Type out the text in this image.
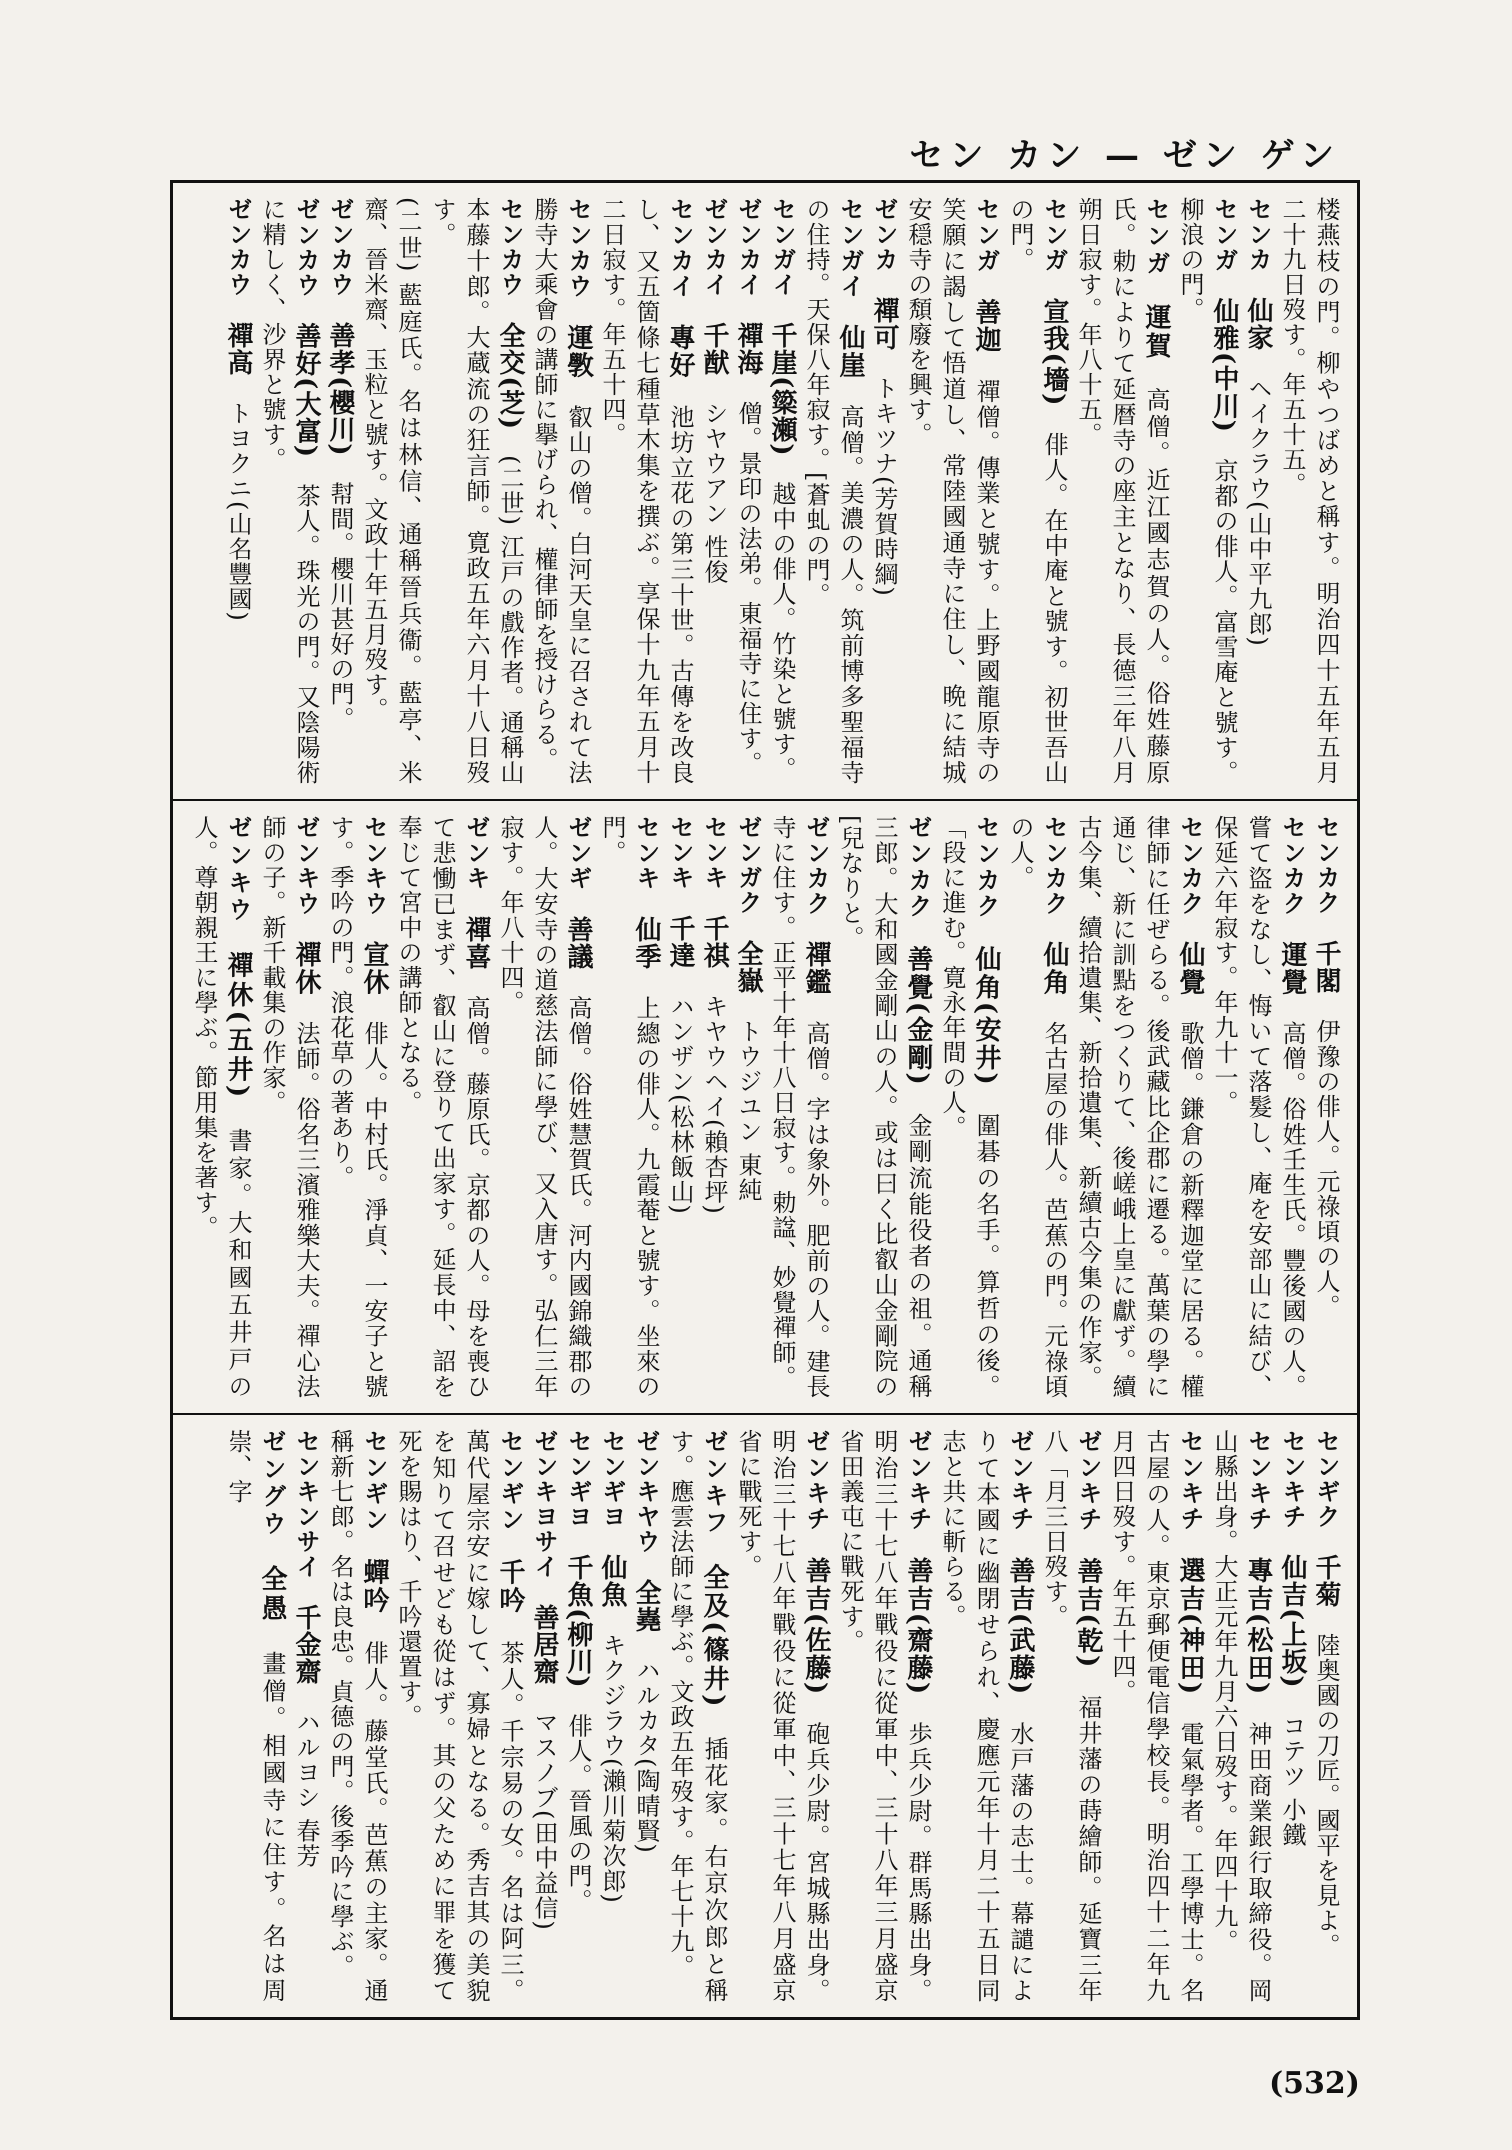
セン カン — ゼン ゲン

楼燕枝の門。柳やつばめと稱す。明治四十五年五月二十九日歿す。年五十五。

センカ　仙家　ヘイクラウ(山中平九郎)

センガ　仙雅(中川)　京都の俳人。富雪庵と號す。柳浪の門。

センガ　運賀　高僧。近江國志賀の人。俗姓藤原氏。勅によりて延暦寺の座主となり、長德三年八月朔日寂す。年八十五。

センガ　宣我(墻)　俳人。在中庵と號す。初世吾山の門。

センガ　善迦　禪僧。傳業と號す。上野國龍原寺の笑願に謁して悟道し、常陸國通寺に住し、晩に結城安穏寺の頽廢を興す。

ゼンカ　禪可　トキツナ(芳賀時綱)

センガイ　仙崖　高僧。美濃の人。筑前博多聖福寺の住持。天保八年寂す。[蒼虬の門。

センガイ　千崖(簗瀬)　越中の俳人。竹染と號す。

ゼンカイ　禪海　僧。景印の法弟。東福寺に住す。

ゼンカイ　千猷　シヤウアン 性俊

センカイ　專好　池坊立花の第三十世。古傳を改良し、又五箇條七種草木集を撰ぶ。享保十九年五月十二日寂す。年五十四。

センカウ　運斆　叡山の僧。白河天皇に召されて法勝寺大乘會の講師に擧げられ、權律師を授けらる。

センカウ　全交(芝)　(二世) 江戸の戲作者。通稱山本藤十郎。大蔵流の狂言師。寛政五年六月十八日歿す。

(二世) 藍庭氏。名は林信、通稱晉兵衞。藍亭、米齋、晉米齋、玉粒と號す。文政十年五月歿す。

ゼンカウ　善孝(櫻川)　幇間。櫻川甚好の門。

ゼンカウ　善好(大富)　茶人。珠光の門。又陰陽術に精しく、沙界と號す。

ゼンカウ　禪高　トヨクニ(山名豐國)

センカク　千閣　伊豫の俳人。元祿頃の人。

センカク　運覺　高僧。俗姓壬生氏。豐後國の人。嘗て盜をなし、悔いて落髮し、庵を安部山に結び、保延六年寂す。年九十一。

センカク　仙覺　歌僧。鎌倉の新釋迦堂に居る。權律師に任ぜらる。後武藏比企郡に遷る。萬葉の學に通じ、新に訓點をつくりて、後嵯峨上皇に獻ず。續古今集、續拾遺集、新拾遺集、新續古今集の作家。

センカク　仙角　名古屋の俳人。芭蕉の門。元祿頃の人。

センカク　仙角(安井)　圍碁の名手。算哲の後。「段に進む。寛永年間の人。

ゼンカク　善覺(金剛)　金剛流能役者の祖。通稱三郎。大和國金剛山の人。或は曰く比叡山金剛院の[兒なりと。

ゼンカク　禪鑑　高僧。字は象外。肥前の人。建長寺に住す。正平十年十八日寂す。勅諡、妙覺禪師。

ゼンガク　全嶽　トウジユン 東純

センキ　千祺　キヤウヘイ(賴杏坪)

センキ　千達　ハンザン(松林飯山)

センキ　仙季　上總の俳人。九霞菴と號す。坐來の門。

ゼンギ　善議　高僧。俗姓慧賀氏。河内國錦織郡の人。大安寺の道慈法師に學び、又入唐す。弘仁三年寂す。年八十四。

ゼンキ　禪喜　高僧。藤原氏。京都の人。母を喪ひて悲慟已まず、叡山に登りて出家す。延長中、詔を奉じて宮中の講師となる。

センキウ　宣休　俳人。中村氏。淨貞、一安子と號す。季吟の門。浪花草の著あり。

ゼンキウ　禪休　法師。俗名三濱雅樂大夫。禪心法師の子。新千載集の作家。

ゼンキウ　禪休(五井)　書家。大和國五井戸の人。尊朝親王に學ぶ。節用集を著す。

センギク　千菊　陸奥國の刀匠。國平を見よ。

センキチ　仙吉(上坂)　コテツ 小鐵

センキチ　專吉(松田)　神田商業銀行取締役。岡山縣出身。大正元年九月六日歿す。年四十九。

センキチ　選吉(神田)　電氣學者。工學博士。名古屋の人。東京郵便電信學校長。明治四十二年九月四日歿す。年五十四。

ゼンキチ　善吉(乾)　福井藩の蒔繪師。延寶三年八「月三日歿す。

ゼンキチ　善吉(武藤)　水戸藩の志士。幕譴によりて本國に幽閉せられ、慶應元年十月二十五日同志と共に斬らる。

ゼンキチ　善吉(齋藤)　歩兵少尉。群馬縣出身。明治三十七八年戰役に從軍中、三十八年三月盛京省田義屯に戰死す。

ゼンキチ　善吉(佐藤)　砲兵少尉。宮城縣出身。明治三十七八年戰役に從軍中、三十七年八月盛京省に戰死す。

ゼンキフ　全及(篠井)　插花家。右京次郎と稱す。應雲法師に學ぶ。文政五年歿す。年七十九。

ゼンキヤウ　全嶤　ハルカタ(陶晴賢)

センギヨ　仙魚　キクジラウ(瀨川菊次郎)

センギヨ　千魚(柳川)　俳人。晉風の門。

ゼンキヨサイ　善居齋　マスノブ(田中益信)

センギン　千吟　茶人。千宗易の女。名は阿三。萬代屋宗安に嫁して、寡婦となる。秀吉其の美貌を知りて召せども從はず。其の父ために罪を獲て死を賜はり、千吟還置す。

センギン　蟬吟　俳人。藤堂氏。芭蕉の主家。通稱新七郎。名は良忠。貞德の門。後季吟に學ぶ。

センキンサイ　千金齋　ハルヨシ 春芳

ゼングウ　全愚　畫僧。相國寺に住す。名は周崇、字

(532)
